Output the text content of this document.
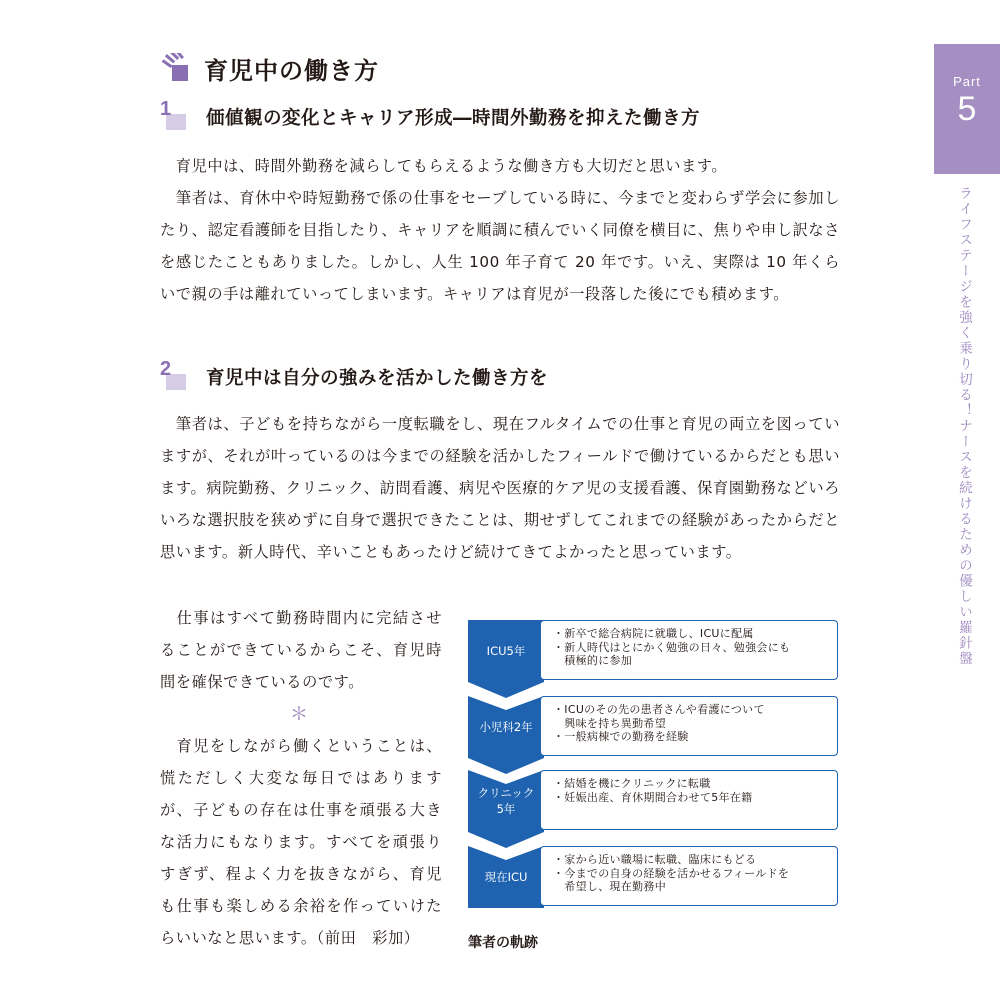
Part
5
ライフステージを強く乗り切る！ナースを続けるための優しい羅針盤
育児中の働き方
1 価値観の変化とキャリア形成―時間外勤務を抑えた働き方

　育児中は、時間外勤務を減らしてもらえるような働き方も大切だと思います。

　筆者は、育休中や時短勤務で係の仕事をセーブしている時に、今までと変わらず学会に参加したり、認定看護師を目指したり、キャリアを順調に積んでいく同僚を横目に、焦りや申し訳なさを感じたこともありました。しかし、人生 100 年子育て 20 年です。いえ、実際は 10 年くらいで親の手は離れていってしまいます。キャリアは育児が一段落した後にでも積めます。

2 育児中は自分の強みを活かした働き方を

　筆者は、子どもを持ちながら一度転職をし、現在フルタイムでの仕事と育児の両立を図っていますが、それが叶っているのは今までの経験を活かしたフィールドで働けているからだとも思います。病院勤務、クリニック、訪問看護、病児や医療的ケア児の支援看護、保育園勤務などいろいろな選択肢を狭めずに自身で選択できたことは、期せずしてこれまでの経験があったからだと思います。新人時代、辛いこともあったけど続けてきてよかったと思っています。

　仕事はすべて勤務時間内に完結させることができているからこそ、育児時間を確保できているのです。

＊

　育児をしながら働くということは、慌ただしく大変な毎日ではありますが、子どもの存在は仕事を頑張る大きな活力にもなります。すべてを頑張りすぎず、程よく力を抜きながら、育児も仕事も楽しめる余裕を作っていけたらいいなと思います。（前田　彩加）

ICU5年
・新卒で総合病院に就職し、ICUに配属
・新人時代はとにかく勉強の日々、勉強会にも
　積極的に参加
小児科2年
・ICUのその先の患者さんや看護について
　興味を持ち異動希望
・一般病棟での勤務を経験
クリニック
5年
・結婚を機にクリニックに転職
・妊娠出産、育休期間合わせて5年在籍
現在ICU
・家から近い職場に転職、臨床にもどる
・今までの自身の経験を活かせるフィールドを
　希望し、現在勤務中
筆者の軌跡
